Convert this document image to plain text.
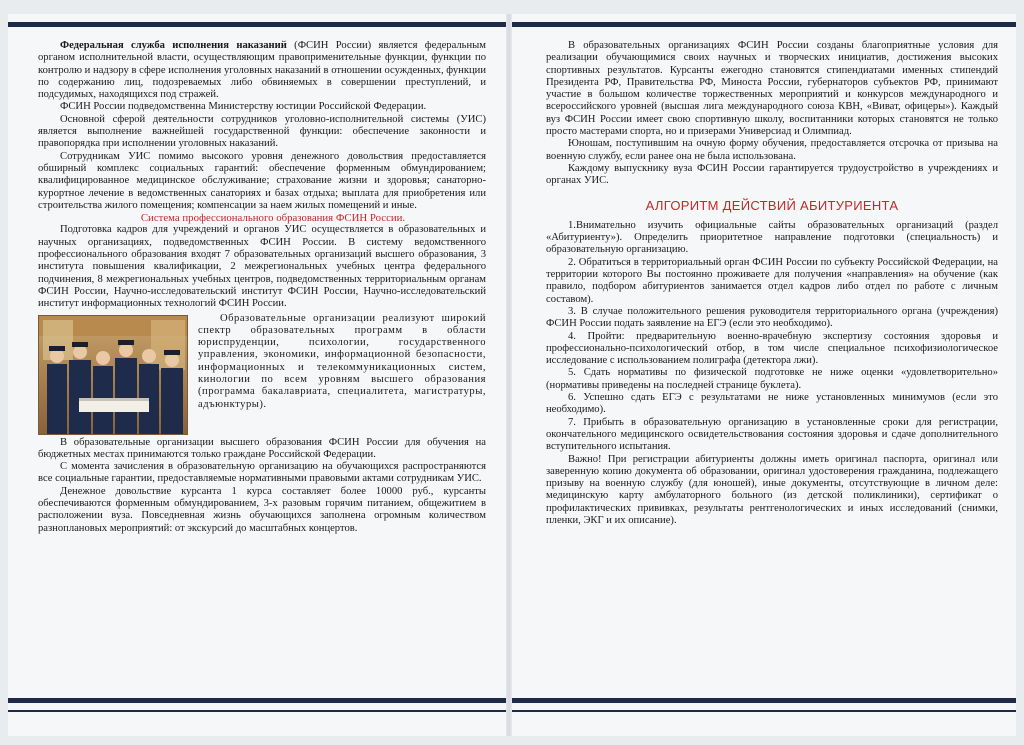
Федеральная служба исполнения наказаний (ФСИН России) является федеральным органом исполнительной власти, осуществляющим правоприменительные функции, функции по контролю и надзору в сфере исполнения уголовных наказаний в отношении осужденных, функции по содержанию лиц, подозреваемых либо обвиняемых в совершении преступлений, и подсудимых, находящихся под стражей.

ФСИН России подведомственна Министерству юстиции Российской Федерации.

Основной сферой деятельности сотрудников уголовно-исполнительной системы (УИС) является выполнение важнейшей государственной функции: обеспечение законности и правопорядка при исполнении уголовных наказаний.

Сотрудникам УИС помимо высокого уровня денежного довольствия предоставляется обширный комплекс социальных гарантий: обеспечение форменным обмундированием; квалифицированное медицинское обслуживание; страхование жизни и здоровья; санаторно-курортное лечение в ведомственных санаториях и базах отдыха; выплата для приобретения или строительства жилого помещения; компенсации за наем жилых помещений и иные.

Система профессионального образования ФСИН России.

Подготовка кадров для учреждений и органов УИС осуществляется в образовательных и научных организациях, подведомственных ФСИН России. В систему ведомственного профессионального образования входят 7 образовательных организаций высшего образования, 3 института повышения квалификации, 2 межрегиональных учебных центра федерального подчинения, 8 межрегиональных учебных центров, подведомственных территориальным органам ФСИН России, Научно-исследовательский институт ФСИН России, Научно-исследовательский институт информационных технологий ФСИН России.

Образовательные организации реализуют широкий спектр образовательных программ в области юриспруденции, психологии, государственного управления, экономики, информационной безопасности, информационных и телекоммуникационных систем, кинологии по всем уровням высшего образования (программа бакалавриата, специалитета, магистратуры, адъюнктуры).

В образовательные организации высшего образования ФСИН России для обучения на бюджетных местах принимаются только граждане Российской Федерации.

С момента зачисления в образовательную организацию на обучающихся распространяются все социальные гарантии, предоставляемые нормативными правовыми актами сотрудникам УИС.

Денежное довольствие курсанта 1 курса составляет более 10000 руб., курсанты обеспечиваются форменным обмундированием, 3-х разовым горячим питанием, общежитием в расположении вуза. Повседневная жизнь обучающихся заполнена огромным количеством разноплановых мероприятий: от экскурсий до масштабных концертов.

В образовательных организациях ФСИН России созданы благоприятные условия для реализации обучающимися своих научных и творческих инициатив, достижения высоких спортивных результатов. Курсанты ежегодно становятся стипендиатами именных стипендий Президента РФ, Правительства РФ, Миноста России, губернаторов субъектов РФ, принимают участие в большом количестве торжественных мероприятий и конкурсов международного и всероссийского уровней (высшая лига международного союза КВН, «Виват, офицеры»). Каждый вуз ФСИН России имеет свою спортивную школу, воспитанники которых становятся не только просто мастерами спорта, но и призерами Универсиад и Олимпиад.

Юношам, поступившим на очную форму обучения, предоставляется отсрочка от призыва на военную службу, если ранее она не была использована.

Каждому выпускнику вуза ФСИН России гарантируется трудоустройство в учреждениях и органах УИС.

АЛГОРИТМ ДЕЙСТВИЙ АБИТУРИЕНТА

1.Внимательно изучить официальные сайты образовательных организаций (раздел «Абитуриенту»). Определить приоритетное направление подготовки (специальность) и образовательную организацию.

2. Обратиться в территориальный орган ФСИН России по субъекту Российской Федерации, на территории которого Вы постоянно проживаете для получения «направления» на обучение (как правило, подбором абитуриентов занимается отдел кадров либо отдел по работе с личным составом).

3. В случае положительного решения руководителя территориального органа (учреждения) ФСИН России подать заявление на ЕГЭ (если это необходимо).

4. Пройти: предварительную военно-врачебную экспертизу состояния здоровья и профессионально-психологический отбор, в том числе специальное психофизиологическое исследование с использованием полиграфа (детектора лжи).

5. Сдать нормативы по физической подготовке не ниже оценки «удовлетворительно» (нормативы приведены на последней странице буклета).

6. Успешно сдать ЕГЭ с результатами не ниже установленных минимумов (если это необходимо).

7. Прибыть в образовательную организацию в установленные сроки для регистрации, окончательного медицинского освидетельствования состояния здоровья и сдаче дополнительного вступительного испытания.

Важно! При регистрации абитуриенты должны иметь оригинал паспорта, оригинал или заверенную копию документа об образовании, оригинал удостоверения гражданина, подлежащего призыву на военную службу (для юношей), иные документы, отсутствующие в личном деле: медицинскую карту амбулаторного больного (из детской поликлиники), сертификат о профилактических прививках, результаты рентгенологических и иных исследований (снимки, пленки, ЭКГ и их описание).
